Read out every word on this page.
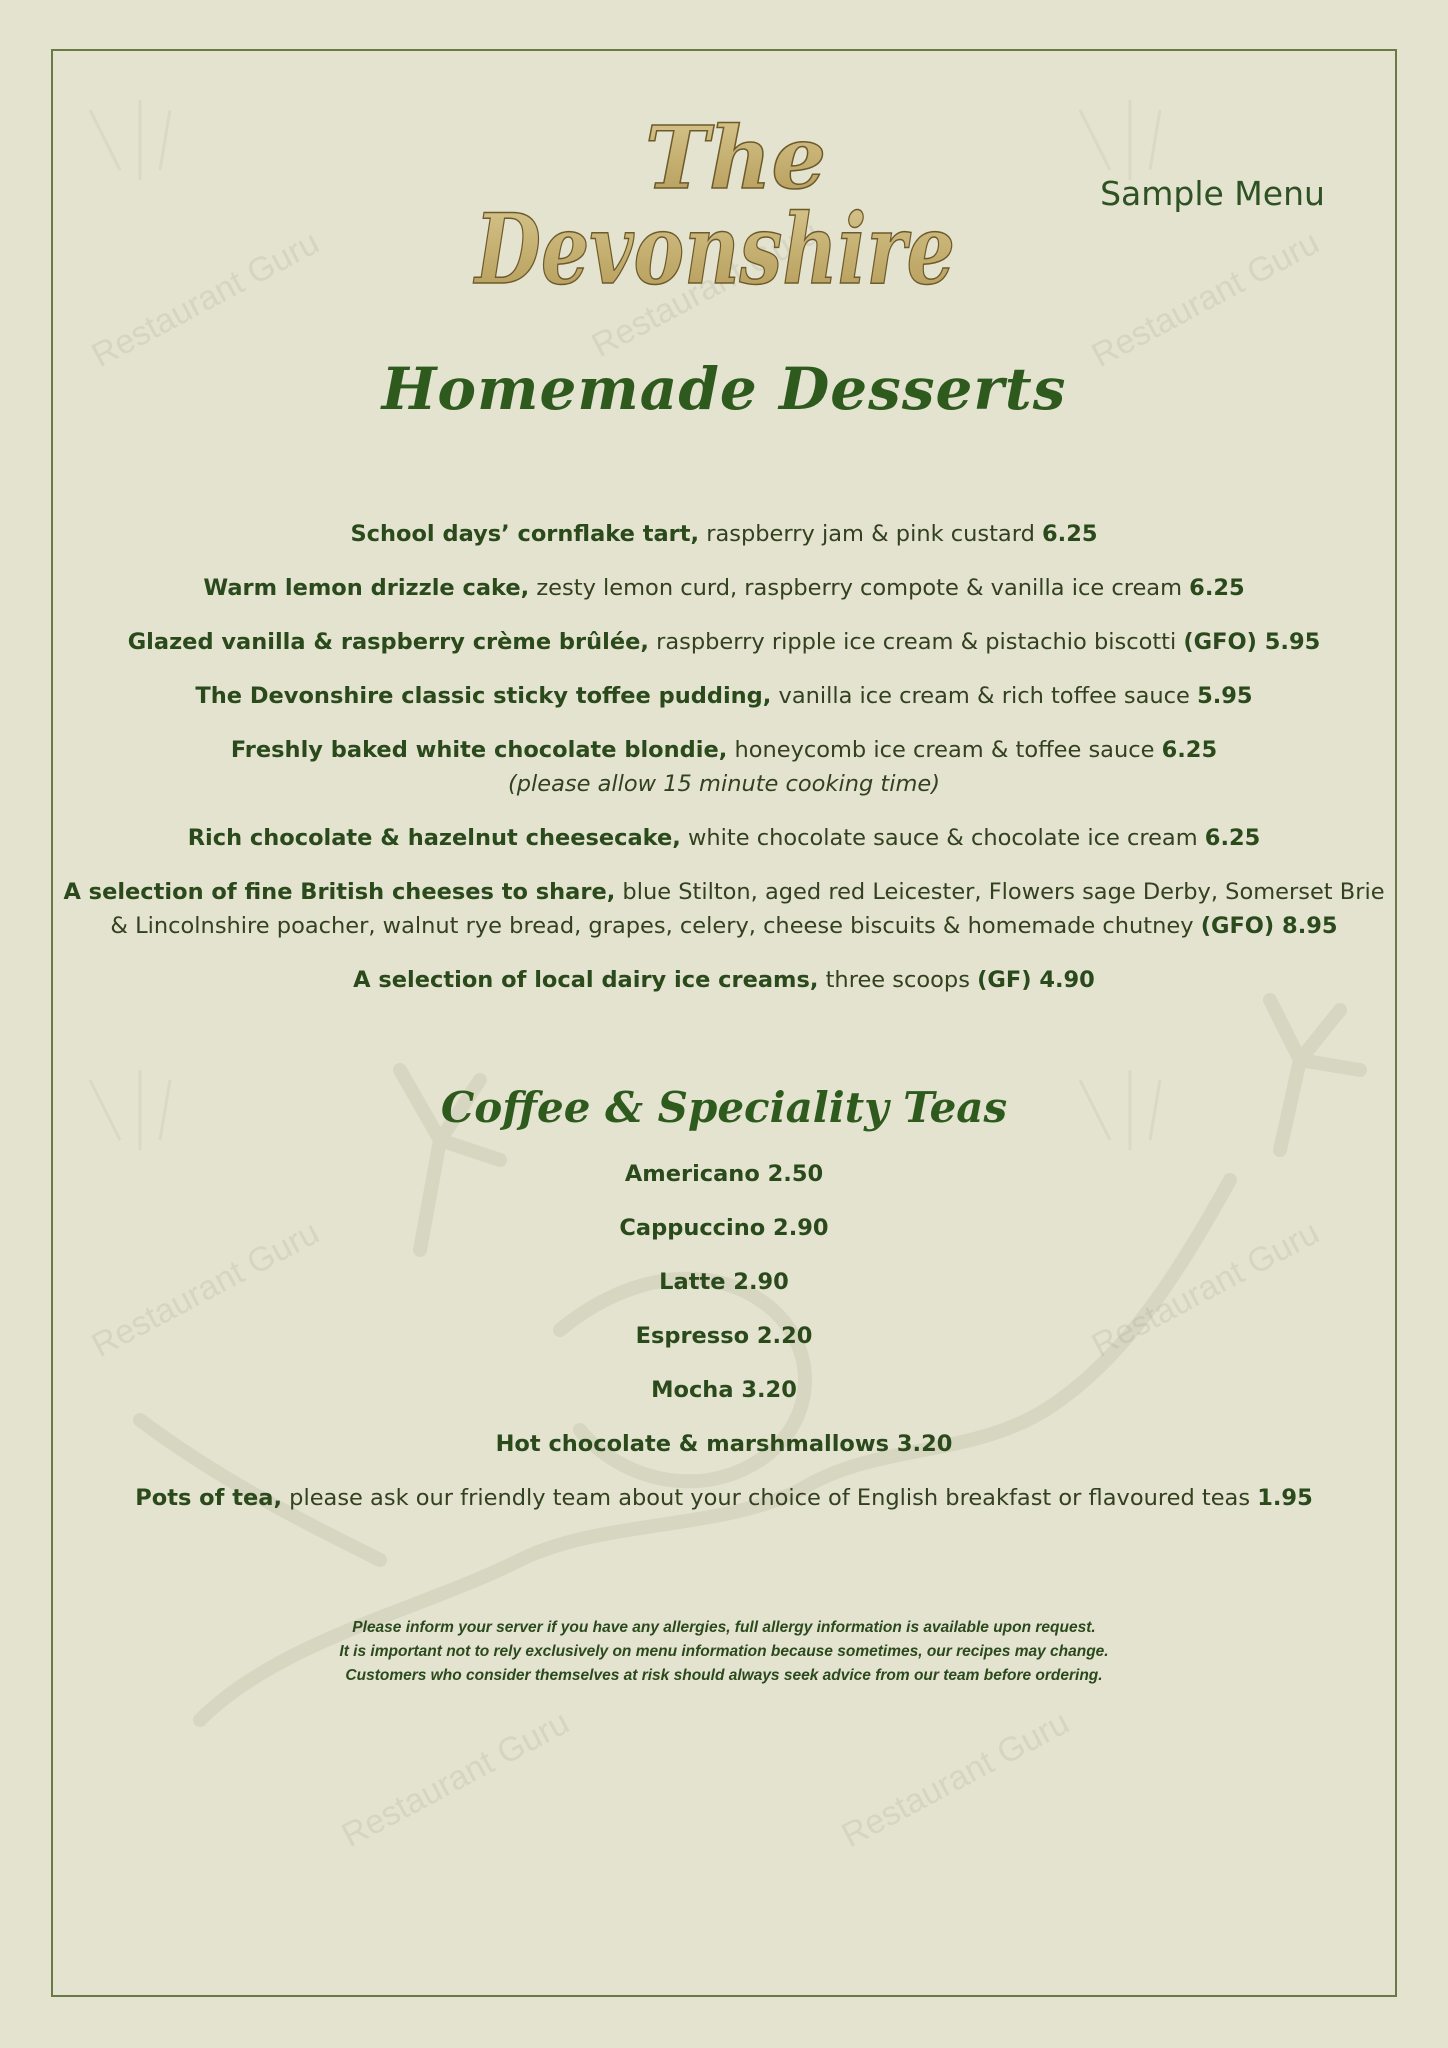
Restaurant Guru	Restaurant Guru	Restaurant Guru
Restaurant Guru	Restaurant Guru
Restaurant Guru	Restaurant Guru
The
Devonshire	Sample Menu
Homemade Desserts

School days’ cornflake tart, raspberry jam & pink custard 6.25

Warm lemon drizzle cake, zesty lemon curd, raspberry compote & vanilla ice cream 6.25

Glazed vanilla & raspberry crème brûlée, raspberry ripple ice cream & pistachio biscotti (GFO) 5.95

The Devonshire classic sticky toffee pudding, vanilla ice cream & rich toffee sauce 5.95

Freshly baked white chocolate blondie, honeycomb ice cream & toffee sauce 6.25
(please allow 15 minute cooking time)

Rich chocolate & hazelnut cheesecake, white chocolate sauce & chocolate ice cream 6.25

A selection of fine British cheeses to share, blue Stilton, aged red Leicester, Flowers sage Derby, Somerset Brie & Lincolnshire poacher, walnut rye bread, grapes, celery, cheese biscuits & homemade chutney (GFO) 8.95

A selection of local dairy ice creams, three scoops (GF) 4.90

Coffee & Speciality Teas

Americano 2.50

Cappuccino 2.90

Latte 2.90

Espresso 2.20

Mocha 3.20

Hot chocolate & marshmallows 3.20

Pots of tea, please ask our friendly team about your choice of English breakfast or flavoured teas 1.95

Please inform your server if you have any allergies, full allergy information is available upon request.
It is important not to rely exclusively on menu information because sometimes, our recipes may change.
Customers who consider themselves at risk should always seek advice from our team before ordering.
